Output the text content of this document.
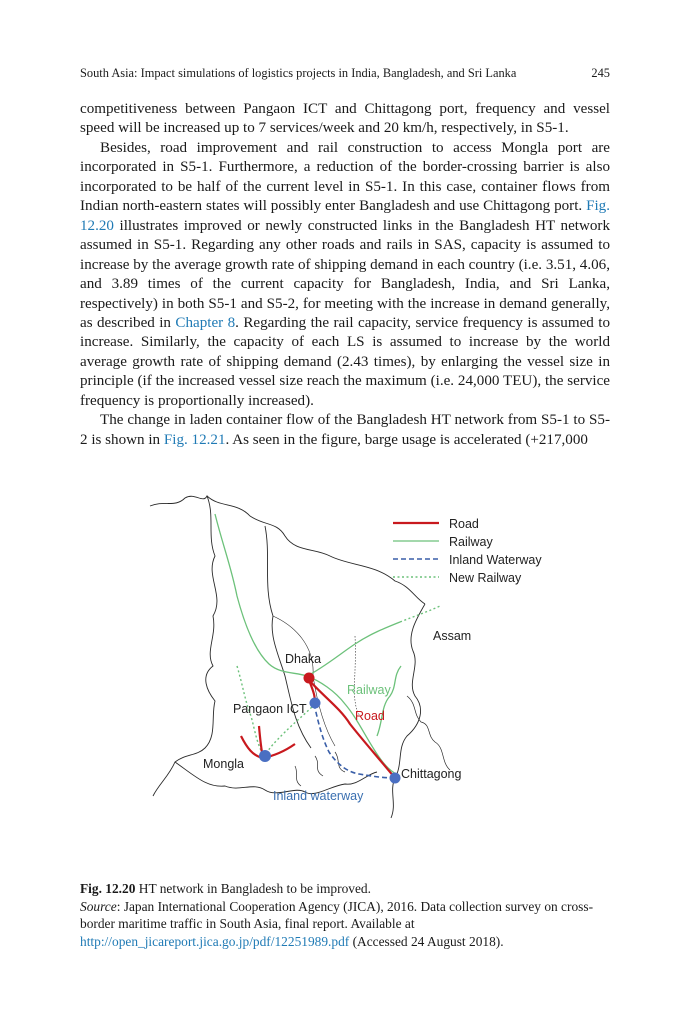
South Asia: Impact simulations of logistics projects in India, Bangladesh, and Sri Lanka	245

competitiveness between Pangaon ICT and Chittagong port, frequency and vessel speed will be increased up to 7 services/week and 20 km/h, respectively, in S5-1.

Besides, road improvement and rail construction to access Mongla port are incorporated in S5-1. Furthermore, a reduction of the border-crossing barrier is also incorporated to be half of the current level in S5-1. In this case, container flows from Indian north-eastern states will possibly enter Bangladesh and use Chittagong port. Fig. 12.20 illustrates improved or newly constructed links in the Bangladesh HT network assumed in S5-1. Regarding any other roads and rails in SAS, capacity is assumed to increase by the average growth rate of shipping demand in each country (i.e. 3.51, 4.06, and 3.89 times of the current capacity for Bangladesh, India, and Sri Lanka, respectively) in both S5-1 and S5-2, for meeting with the increase in demand generally, as described in Chapter 8. Regarding the rail capacity, service frequency is assumed to increase. Similarly, the capacity of each LS is assumed to increase by the world average growth rate of shipping demand (2.43 times), by enlarging the vessel size in principle (if the increased vessel size reach the maximum (i.e. 24,000 TEU), the service frequency is proportionally increased).

The change in laden container flow of the Bangladesh HT network from S5-1 to S5-2 is shown in Fig. 12.21. As seen in the figure, barge usage is accelerated (+217,000

Road
Railway
Inland Waterway
New Railway
Assam
Dhaka
Railway
Pangaon ICT	Road
Mongla
Chittagong
Inland waterway
Fig. 12.20 HT network in Bangladesh to be improved.
Source: Japan International Cooperation Agency (JICA), 2016. Data collection survey on cross-border maritime traffic in South Asia, final report. Available at http://open_jicareport.jica.go.jp/pdf/12251989.pdf (Accessed 24 August 2018).
